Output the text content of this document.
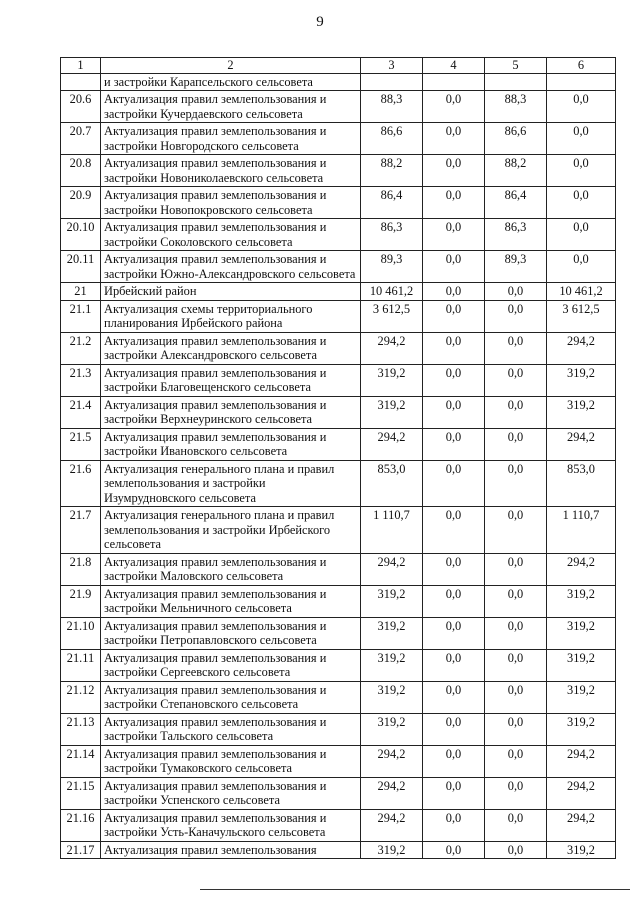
9
1	2	3	4	5	6
	и застройки Карапсельского сельсовета				
20.6	Актуализация правил землепользования и застройки Кучердаевского сельсовета	88,3	0,0	88,3	0,0
20.7	Актуализация правил землепользования и застройки Новгородского сельсовета	86,6	0,0	86,6	0,0
20.8	Актуализация правил землепользования и застройки Новониколаевского сельсовета	88,2	0,0	88,2	0,0
20.9	Актуализация правил землепользования и застройки Новопокровского сельсовета	86,4	0,0	86,4	0,0
20.10	Актуализация правил землепользования и застройки Соколовского сельсовета	86,3	0,0	86,3	0,0
20.11	Актуализация правил землепользования и застройки Южно-Александровского сельсовета	89,3	0,0	89,3	0,0
21	Ирбейский район	10 461,2	0,0	0,0	10 461,2
21.1	Актуализация схемы территориального планирования Ирбейского района	3 612,5	0,0	0,0	3 612,5
21.2	Актуализация правил землепользования и застройки Александровского сельсовета	294,2	0,0	0,0	294,2
21.3	Актуализация правил землепользования и застройки Благовещенского сельсовета	319,2	0,0	0,0	319,2
21.4	Актуализация правил землепользования и застройки Верхнеуринского сельсовета	319,2	0,0	0,0	319,2
21.5	Актуализация правил землепользования и застройки Ивановского сельсовета	294,2	0,0	0,0	294,2
21.6	Актуализация генерального плана и правил землепользования и застройки Изумрудновского сельсовета	853,0	0,0	0,0	853,0
21.7	Актуализация генерального плана и правил землепользования и застройки Ирбейского сельсовета	1 110,7	0,0	0,0	1 110,7
21.8	Актуализация правил землепользования и застройки Маловского сельсовета	294,2	0,0	0,0	294,2
21.9	Актуализация правил землепользования и застройки Мельничного сельсовета	319,2	0,0	0,0	319,2
21.10	Актуализация правил землепользования и застройки Петропавловского сельсовета	319,2	0,0	0,0	319,2
21.11	Актуализация правил землепользования и застройки Сергеевского сельсовета	319,2	0,0	0,0	319,2
21.12	Актуализация правил землепользования и застройки Степановского сельсовета	319,2	0,0	0,0	319,2
21.13	Актуализация правил землепользования и застройки Тальского сельсовета	319,2	0,0	0,0	319,2
21.14	Актуализация правил землепользования и застройки Тумаковского сельсовета	294,2	0,0	0,0	294,2
21.15	Актуализация правил землепользования и застройки Успенского сельсовета	294,2	0,0	0,0	294,2
21.16	Актуализация правил землепользования и застройки Усть-Каначульского сельсовета	294,2	0,0	0,0	294,2
21.17	Актуализация правил землепользования	319,2	0,0	0,0	319,2
